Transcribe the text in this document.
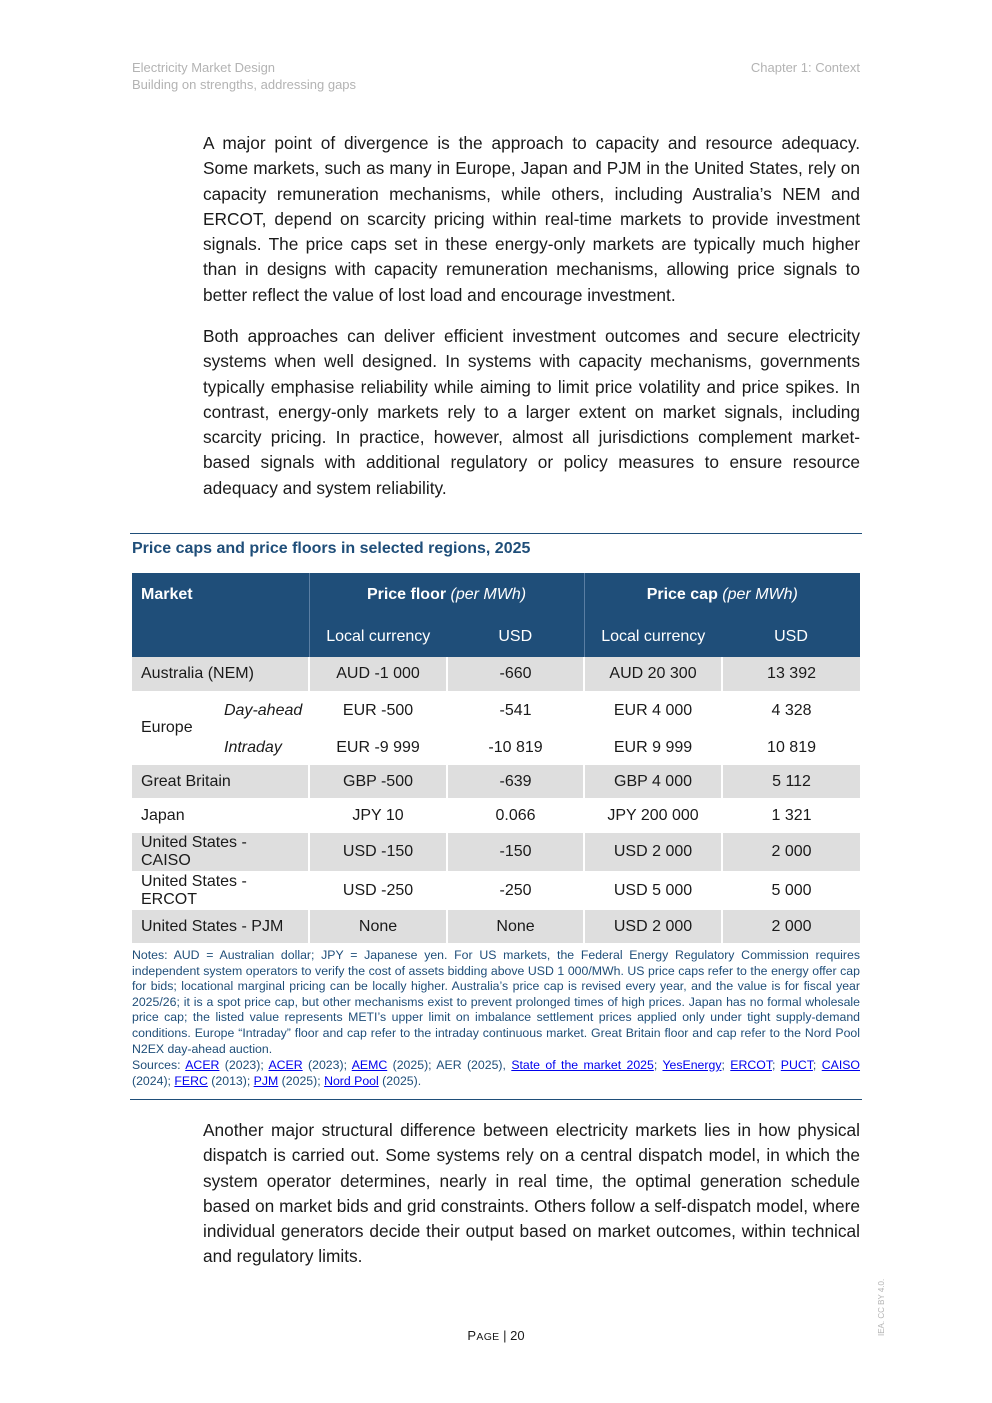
Electricity Market Design
Building on strengths, addressing gaps
Chapter 1: Context

A major point of divergence is the approach to capacity and resource adequacy. Some markets, such as many in Europe, Japan and PJM in the United States, rely on capacity remuneration mechanisms, while others, including Australia’s NEM and ERCOT, depend on scarcity pricing within real-time markets to provide investment signals. The price caps set in these energy-only markets are typically much higher than in designs with capacity remuneration mechanisms, allowing price signals to better reflect the value of lost load and encourage investment.

Both approaches can deliver efficient investment outcomes and secure electricity systems when well designed. In systems with capacity mechanisms, governments typically emphasise reliability while aiming to limit price volatility and price spikes. In contrast, energy-only markets rely to a larger extent on market signals, including scarcity pricing. In practice, however, almost all jurisdictions complement market-based signals with additional regulatory or policy measures to ensure resource adequacy and system reliability.

Price caps and price floors in selected regions, 2025
Market		Price floor (per MWh)		Price cap (per MWh)	
		Local currency	USD	Local currency	USD
Australia (NEM)		AUD -1 000	-660	AUD 20 300	13 392
Europe	Day-ahead	EUR -500	-541	EUR 4 000	4 328
	Intraday	EUR -9 999	-10 819	EUR 9 999	10 819
Great Britain		GBP -500	-639	GBP 4 000	5 112
Japan		JPY 10	0.066	JPY 200 000	1 321
United States - CAISO		USD -150	-150	USD 2 000	2 000
United States - ERCOT		USD -250	-250	USD 5 000	5 000
United States - PJM		None	None	USD 2 000	2 000

Notes: AUD = Australian dollar; JPY = Japanese yen. For US markets, the Federal Energy Regulatory Commission requires independent system operators to verify the cost of assets bidding above USD 1 000/MWh. US price caps refer to the energy offer cap for bids; locational marginal pricing can be locally higher. Australia’s price cap is revised every year, and the value is for fiscal year 2025/26; it is a spot price cap, but other mechanisms exist to prevent prolonged times of high prices. Japan has no formal wholesale price cap; the listed value represents METI’s upper limit on imbalance settlement prices applied only under tight supply-demand conditions. Europe “Intraday” floor and cap refer to the intraday continuous market. Great Britain floor and cap refer to the Nord Pool N2EX day-ahead auction.

Sources: ACER (2023); ACER (2023); AEMC (2025); AER (2025), State of the market 2025; YesEnergy; ERCOT; PUCT; CAISO (2024); FERC (2013); PJM (2025); Nord Pool (2025).

Another major structural difference between electricity markets lies in how physical dispatch is carried out. Some systems rely on a central dispatch model, in which the system operator determines, nearly in real time, the optimal generation schedule based on market bids and grid constraints. Others follow a self-dispatch model, where individual generators decide their output based on market outcomes, within technical and regulatory limits.

PAGE | 20	IEA. CC BY 4.0.
